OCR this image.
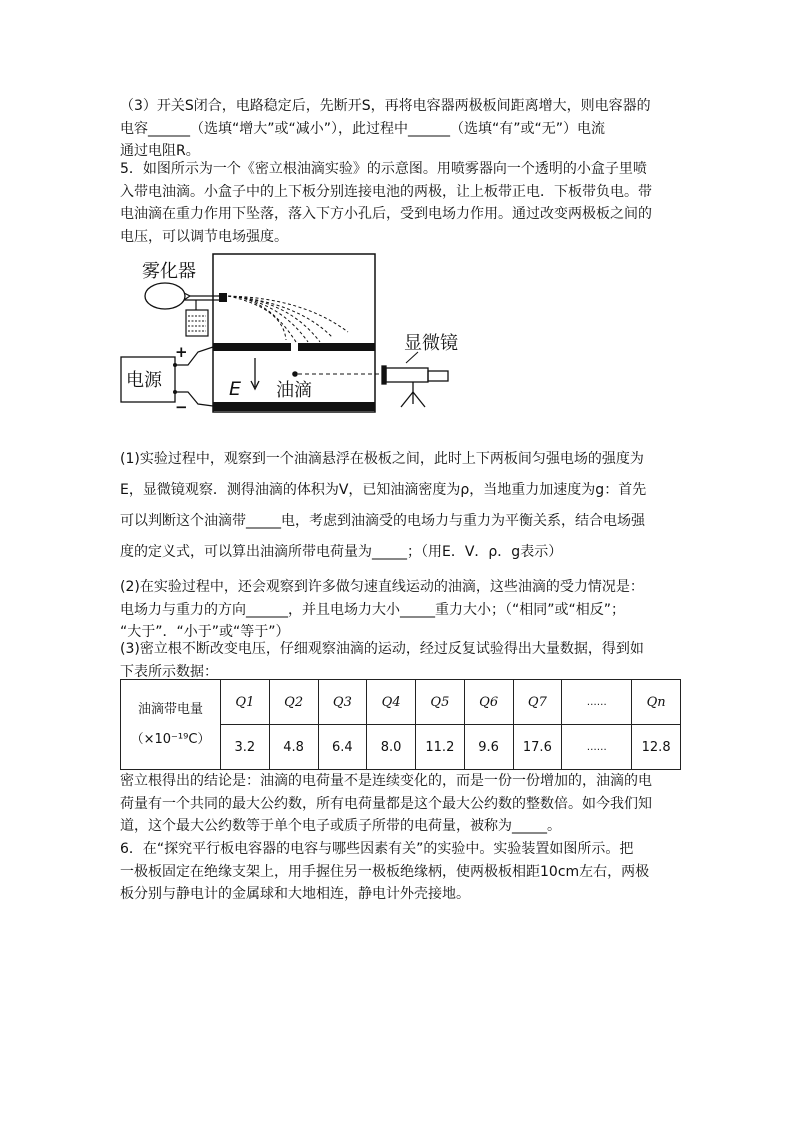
（3）开关S闭合，电路稳定后，先断开S，再将电容器两极板间距离增大，则电容器的
电容______（选填“增大”或“减小”），此过程中______（选填“有”或“无”）电流
通过电阻R。
5．如图所示为一个《密立根油滴实验》的示意图。用喷雾器向一个透明的小盒子里喷
入带电油滴。小盒子中的上下板分别连接电池的两极，让上板带正电．下板带负电。带
电油滴在重力作用下坠落，落入下方小孔后，受到电场力作用。通过改变两极板之间的
电压，可以调节电场强度。
雾化器
电源
+
−
E 油滴
显微镜
(1)实验过程中，观察到一个油滴悬浮在极板之间，此时上下两板间匀强电场的强度为
E，显微镜观察．测得油滴的体积为V，已知油滴密度为ρ，当地重力加速度为g：首先
可以判断这个油滴带_____电，考虑到油滴受的电场力与重力为平衡关系，结合电场强
度的定义式，可以算出油滴所带电荷量为_____；（用E．V．ρ．g表示）
(2)在实验过程中，还会观察到许多做匀速直线运动的油滴，这些油滴的受力情况是：
电场力与重力的方向______，并且电场力大小_____重力大小；（“相同”或“相反”；
“大于”．“小于”或“等于”）
(3)密立根不断改变电压，仔细观察油滴的运动，经过反复试验得出大量数据，得到如
下表所示数据：
油滴带电量
（×10⁻¹⁹C）	Q1	Q2	Q3	Q4	Q5	Q6	Q7	……	Qn
	3.2	4.8	6.4	8.0	11.2	9.6	17.6	……	12.8
密立根得出的结论是：油滴的电荷量不是连续变化的，而是一份一份增加的，油滴的电
荷量有一个共同的最大公约数，所有电荷量都是这个最大公约数的整数倍。如今我们知
道，这个最大公约数等于单个电子或质子所带的电荷量，被称为_____。
6．在“探究平行板电容器的电容与哪些因素有关”的实验中。实验装置如图所示。把
一极板固定在绝缘支架上，用手握住另一极板绝缘柄，使两极板相距10cm左右，两极
板分别与静电计的金属球和大地相连，静电计外壳接地。
